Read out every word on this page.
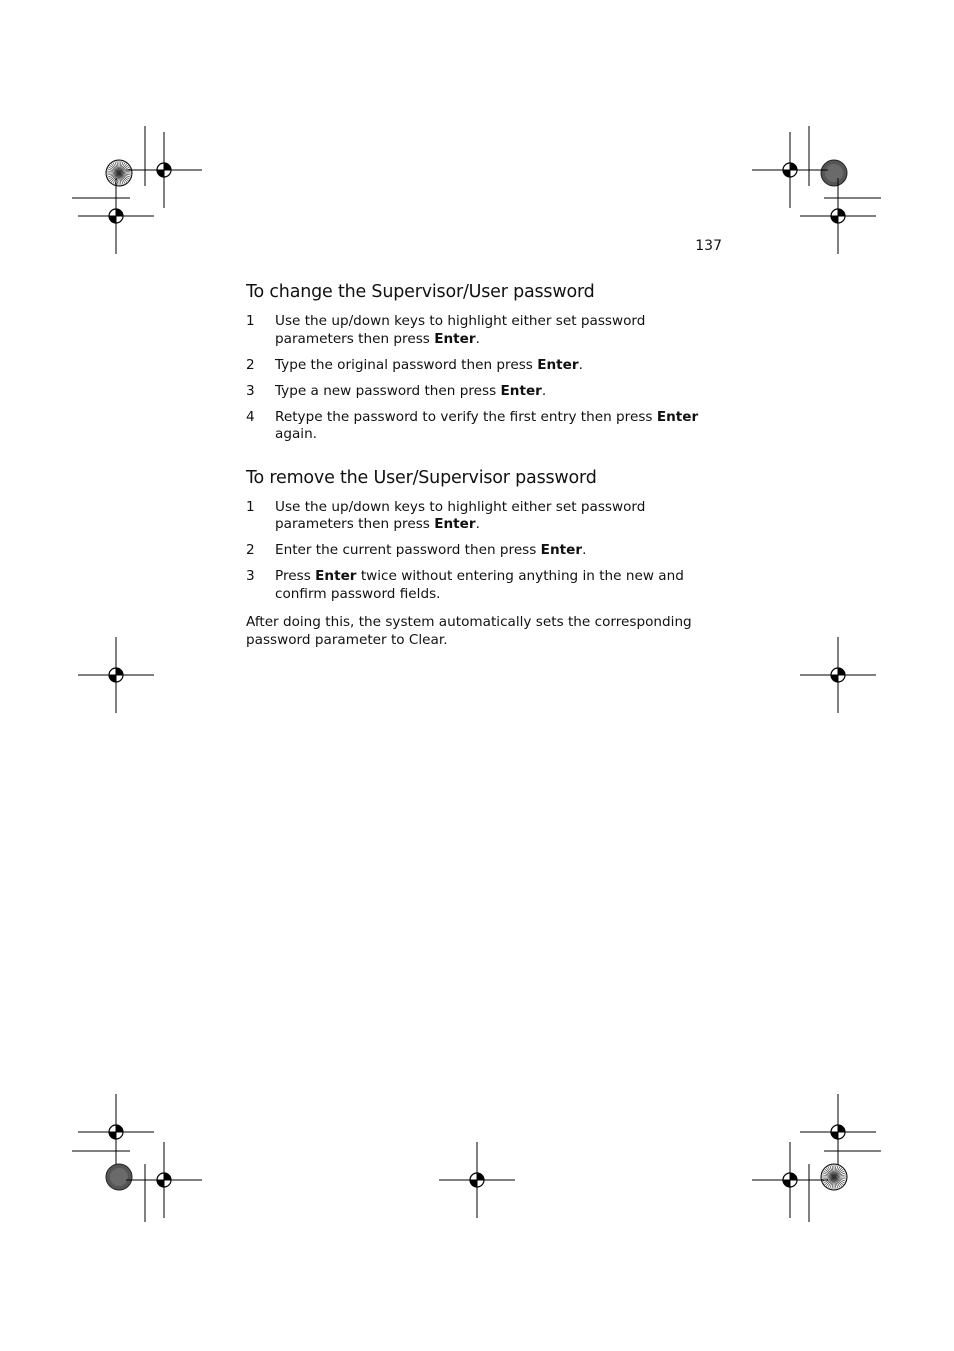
137
To change the Supervisor/User password
1	Use the up/down keys to highlight either set password parameters then press Enter.
2	Type the original password then press Enter.
3	Type a new password then press Enter.
4	Retype the password to verify the first entry then press Enter again.
To remove the User/Supervisor password
1	Use the up/down keys to highlight either set password parameters then press Enter.
2	Enter the current password then press Enter.
3	Press Enter twice without entering anything in the new and confirm password fields.

After doing this, the system automatically sets the corresponding password parameter to Clear.
